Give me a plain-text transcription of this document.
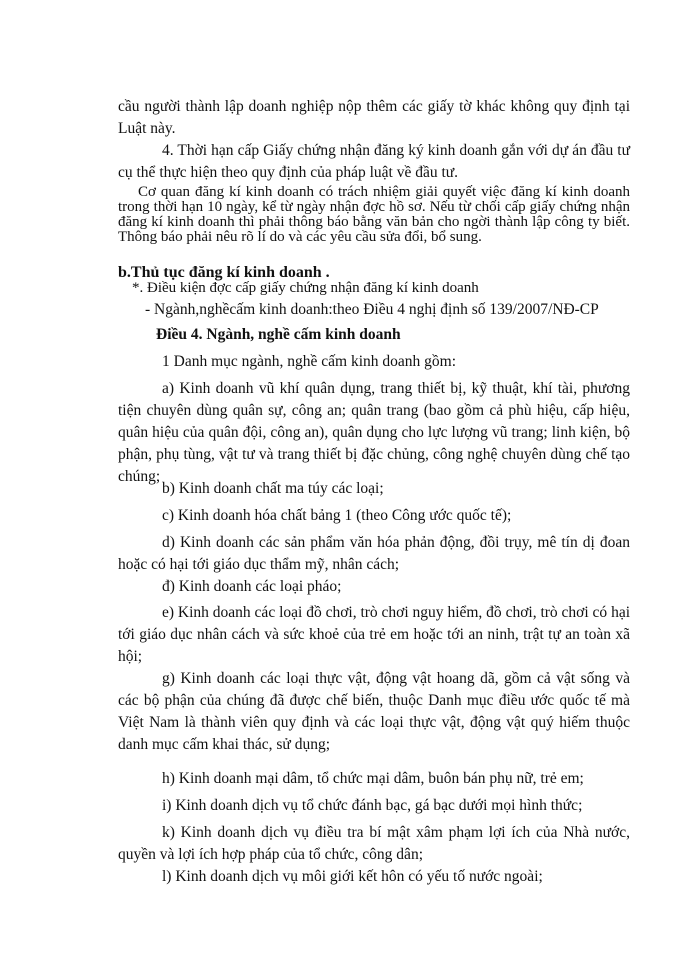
cầu người thành lập doanh nghiệp nộp thêm các giấy tờ khác không quy định tại Luật này.
4. Thời hạn cấp Giấy chứng nhận đăng ký kinh doanh gắn với dự án đầu tư cụ thể thực hiện theo quy định của pháp luật về đầu tư.
Cơ quan đăng kí kinh doanh có trách nhiệm giải quyết việc đăng kí kinh doanh trong thời hạn 10 ngày, kể từ ngày nhận đợc hồ sơ. Nếu từ chối cấp giấy chứng nhận đăng kí kinh doanh thì phải thông báo bằng văn bản cho ngời thành lập công ty biết. Thông báo phải nêu rõ lí do và các yêu cầu sửa đổi, bổ sung.
b.Thủ tục đăng kí kinh doanh .
*. Điều kiện đợc cấp giấy chứng nhận đăng kí kinh doanh
- Ngành,nghềcấm kinh doanh:theo Điều 4 nghị định số 139/2007/NĐ-CP
Điều 4. Ngành, nghề cấm kinh doanh
1 Danh mục ngành, nghề cấm kinh doanh gồm:
a) Kinh doanh vũ khí quân dụng, trang thiết bị, kỹ thuật, khí tài, phương tiện chuyên dùng quân sự, công an; quân trang (bao gồm cả phù hiệu, cấp hiệu, quân hiệu của quân đội, công an), quân dụng cho lực lượng vũ trang; linh kiện, bộ phận, phụ tùng, vật tư và trang thiết bị đặc chủng, công nghệ chuyên dùng chế tạo chúng;
b) Kinh doanh chất ma túy các loại;
c) Kinh doanh hóa chất bảng 1 (theo Công ước quốc tế);
d) Kinh doanh các sản phẩm văn hóa phản động, đồi trụy, mê tín dị đoan hoặc có hại tới giáo dục thẩm mỹ, nhân cách;
đ) Kinh doanh các loại pháo;
e) Kinh doanh các loại đồ chơi, trò chơi nguy hiểm, đồ chơi, trò chơi có hại tới giáo dục nhân cách và sức khoẻ của trẻ em hoặc tới an ninh, trật tự an toàn xã hội;
g) Kinh doanh các loại thực vật, động vật hoang dã, gồm cả vật sống và các bộ phận của chúng đã được chế biến, thuộc Danh mục điều ước quốc tế mà Việt Nam là thành viên quy định và các loại thực vật, động vật quý hiếm thuộc danh mục cấm khai thác, sử dụng;
h) Kinh doanh mại dâm, tổ chức mại dâm, buôn bán phụ nữ, trẻ em;
i) Kinh doanh dịch vụ tổ chức đánh bạc, gá bạc dưới mọi hình thức;
k) Kinh doanh dịch vụ điều tra bí mật xâm phạm lợi ích của Nhà nước, quyền và lợi ích hợp pháp của tổ chức, công dân;
l) Kinh doanh dịch vụ môi giới kết hôn có yếu tố nước ngoài;
